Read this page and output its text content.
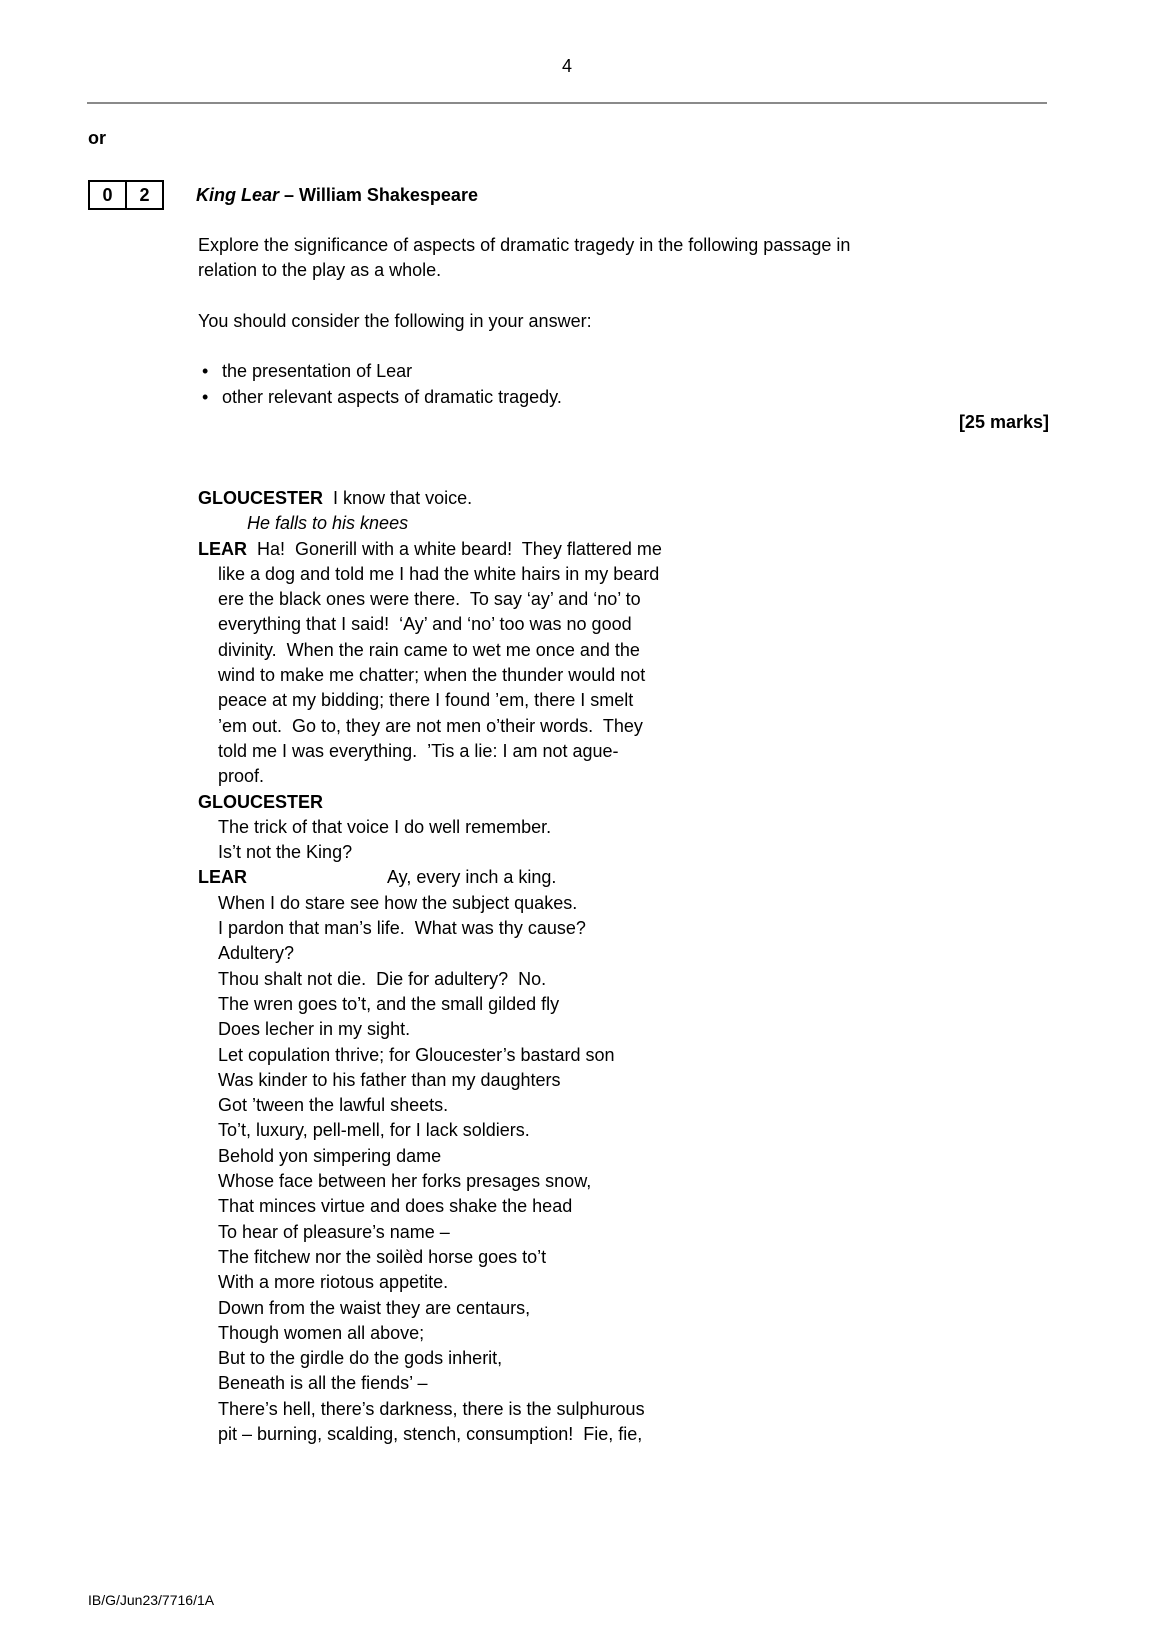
4
or
0	2	King Lear – William Shakespeare
Explore the significance of aspects of dramatic tragedy in the following passage in
relation to the play as a whole.
You should consider the following in your answer:
• the presentation of Lear
• other relevant aspects of dramatic tragedy.
[25 marks]
GLOUCESTER  I know that voice.
He falls to his knees
LEAR  Ha!  Gonerill with a white beard!  They flattered me
like a dog and told me I had the white hairs in my beard
ere the black ones were there.  To say ‘ay’ and ‘no’ to
everything that I said!  ‘Ay’ and ‘no’ too was no good
divinity.  When the rain came to wet me once and the
wind to make me chatter; when the thunder would not
peace at my bidding; there I found ’em, there I smelt
’em out.  Go to, they are not men o’their words.  They
told me I was everything.  ’Tis a lie: I am not ague-
proof.
GLOUCESTER
The trick of that voice I do well remember.
Is’t not the King?
LEAR	Ay, every inch a king.
When I do stare see how the subject quakes.
I pardon that man’s life.  What was thy cause?
Adultery?
Thou shalt not die.  Die for adultery?  No.
The wren goes to’t, and the small gilded fly
Does lecher in my sight.
Let copulation thrive; for Gloucester’s bastard son
Was kinder to his father than my daughters
Got ’tween the lawful sheets.
To’t, luxury, pell-mell, for I lack soldiers.
Behold yon simpering dame
Whose face between her forks presages snow,
That minces virtue and does shake the head
To hear of pleasure’s name –
The fitchew nor the soilèd horse goes to’t
With a more riotous appetite.
Down from the waist they are centaurs,
Though women all above;
But to the girdle do the gods inherit,
Beneath is all the fiends’ –
There’s hell, there’s darkness, there is the sulphurous
pit – burning, scalding, stench, consumption!  Fie, fie,
IB/G/Jun23/7716/1A
